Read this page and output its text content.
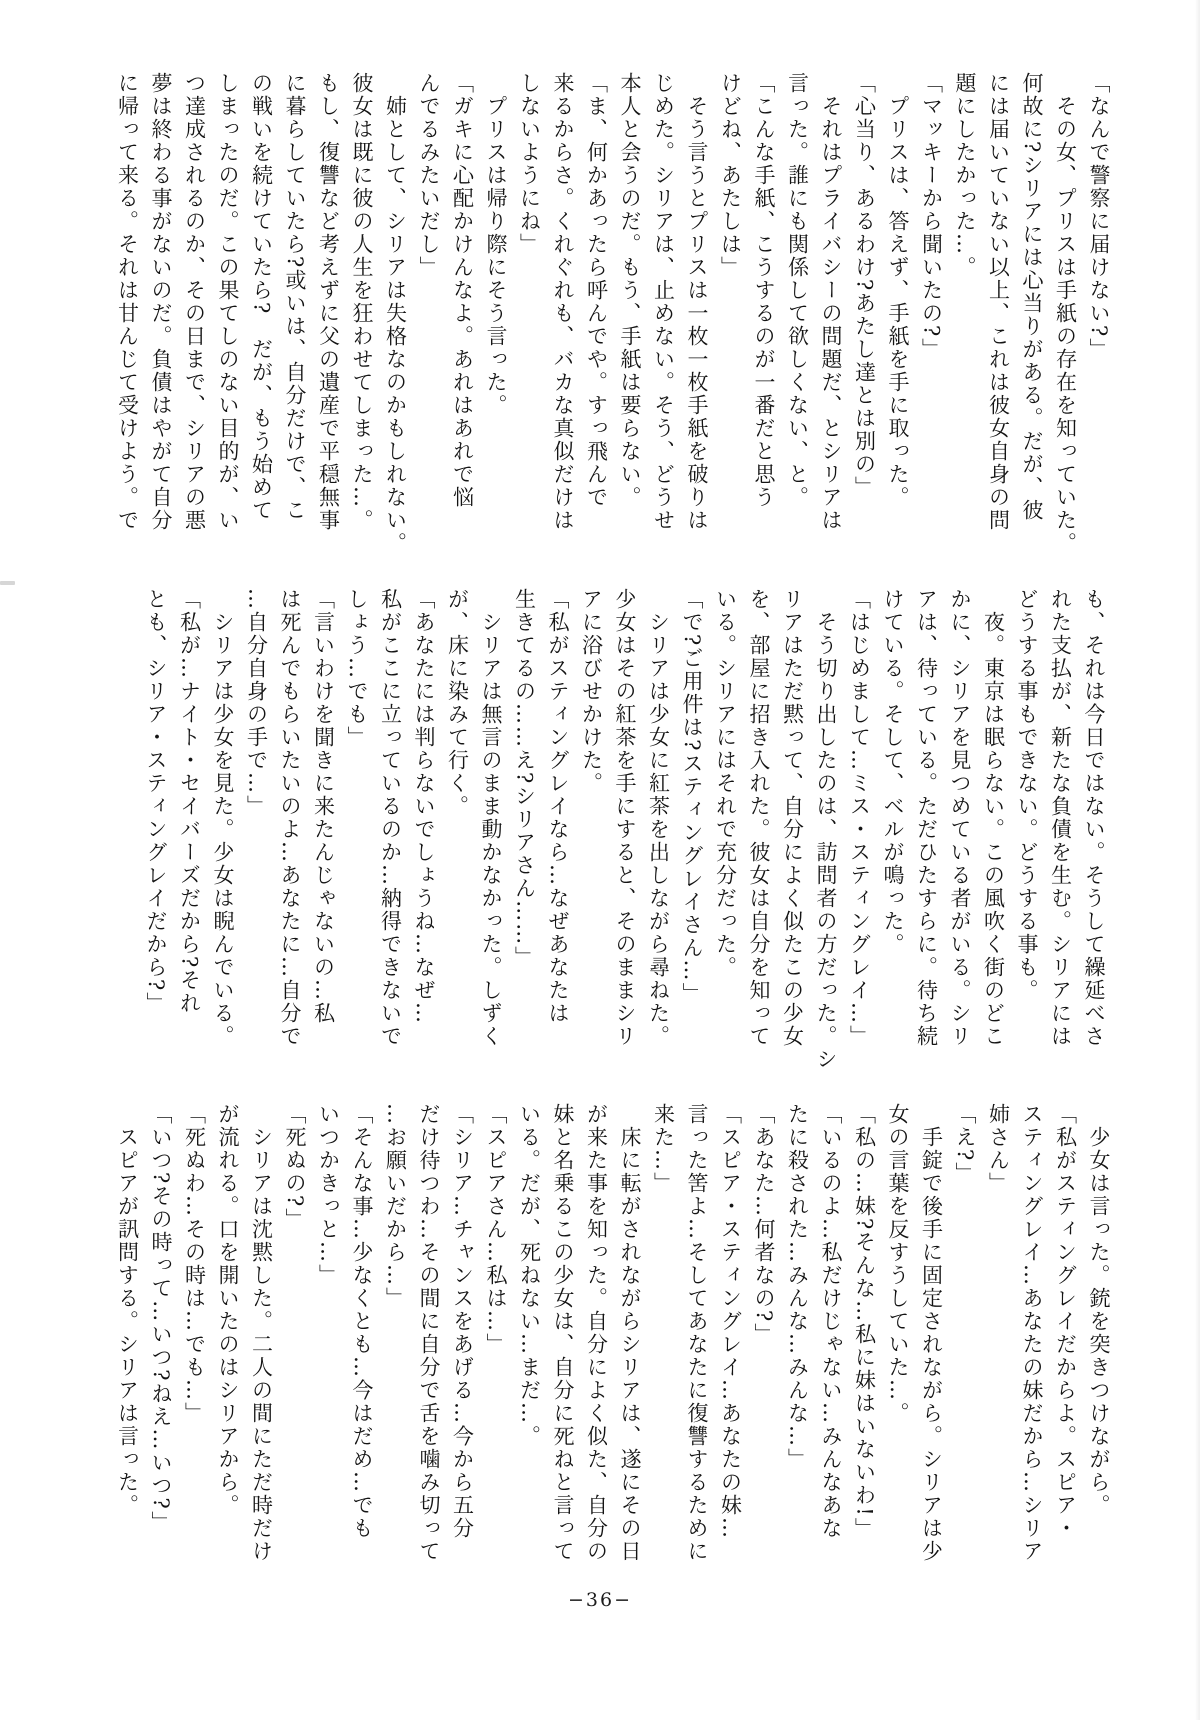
「なんで警察に届けない?」
　その女、プリスは手紙の存在を知っていた。
何故に?シリアには心当りがある。だが、彼
には届いていない以上、これは彼女自身の問
題にしたかった…。
「マッキーから聞いたの?」
　プリスは、答えず、手紙を手に取った。
「心当り、あるわけ?あたし達とは別の」
　それはプライバシーの問題だ、とシリアは
言った。誰にも関係して欲しくない、と。
「こんな手紙、こうするのが一番だと思う
けどね、あたしは」
　そう言うとプリスは一枚一枚手紙を破りは
じめた。シリアは、止めない。そう、どうせ
本人と会うのだ。もう、手紙は要らない。
「ま、何かあったら呼んでや。すっ飛んで
来るからさ。くれぐれも、バカな真似だけは
しないようにね」
　プリスは帰り際にそう言った。
「ガキに心配かけんなよ。あれはあれで悩
んでるみたいだし」
　姉として、シリアは失格なのかもしれない。
彼女は既に彼の人生を狂わせてしまった…。
もし、復讐など考えずに父の遺産で平穏無事
に暮らしていたら?或いは、自分だけで、こ
の戦いを続けていたら?　だが、もう始めて
しまったのだ。この果てしのない目的が、い
つ達成されるのか、その日まで、シリアの悪
夢は終わる事がないのだ。負債はやがて自分
に帰って来る。それは甘んじて受けよう。で
も、それは今日ではない。そうして繰延べさ
れた支払が、新たな負債を生む。シリアには
どうする事もできない。どうする事も。
　夜。東京は眠らない。この風吹く街のどこ
かに、シリアを見つめている者がいる。シリ
アは、待っている。ただひたすらに。待ち続
けている。そして、ベルが鳴った。
「はじめまして…ミス・スティングレイ…」
　そう切り出したのは、訪問者の方だった。シ
リアはただ黙って、自分によく似たこの少女
を、部屋に招き入れた。彼女は自分を知って
いる。シリアにはそれで充分だった。
「で?ご用件は?スティングレイさん…」
　シリアは少女に紅茶を出しながら尋ねた。
少女はその紅茶を手にすると、そのままシリ
アに浴びせかけた。
「私がスティングレイなら…なぜあなたは
生きてるの……え?シリアさん……」
　シリアは無言のまま動かなかった。しずく
が、床に染みて行く。
「あなたには判らないでしょうね…なぜ…
私がここに立っているのか…納得できないで
しょう…でも」
「言いわけを聞きに来たんじゃないの…私
は死んでもらいたいのよ…あなたに…自分で
…自分自身の手で…」
　シリアは少女を見た。少女は睨んでいる。
「私が…ナイト・セイバーズだから?それ
とも、シリア・スティングレイだから?」
　少女は言った。銃を突きつけながら。
「私がスティングレイだからよ。スピア・
スティングレイ…あなたの妹だから…シリア
姉さん」
「え?」
　手錠で後手に固定されながら。シリアは少
女の言葉を反すうしていた…。
「私の…妹?そんな…私に妹はいないわ!」
「いるのよ…私だけじゃない…みんなあな
たに殺された…みんな…みんな…」
「あなた…何者なの?」
「スピア・スティングレイ…あなたの妹…
言った筈よ…そしてあなたに復讐するために
来た…」
　床に転がされながらシリアは、遂にその日
が来た事を知った。自分によく似た、自分の
妹と名乗るこの少女は、自分に死ねと言って
いる。だが、死ねない…まだ…。
「スピアさん…私は…」
「シリア…チャンスをあげる…今から五分
だけ待つわ…その間に自分で舌を噛み切って
…お願いだから…」
「そんな事…少なくとも…今はだめ…でも
いつかきっと…」
「死ぬの?」
　シリアは沈黙した。二人の間にただ時だけ
が流れる。口を開いたのはシリアから。
「死ぬわ…その時は…でも…」
「いつ?その時って…いつ?ねえ…いつ?」
　スピアが訊問する。シリアは言った。
−36−
